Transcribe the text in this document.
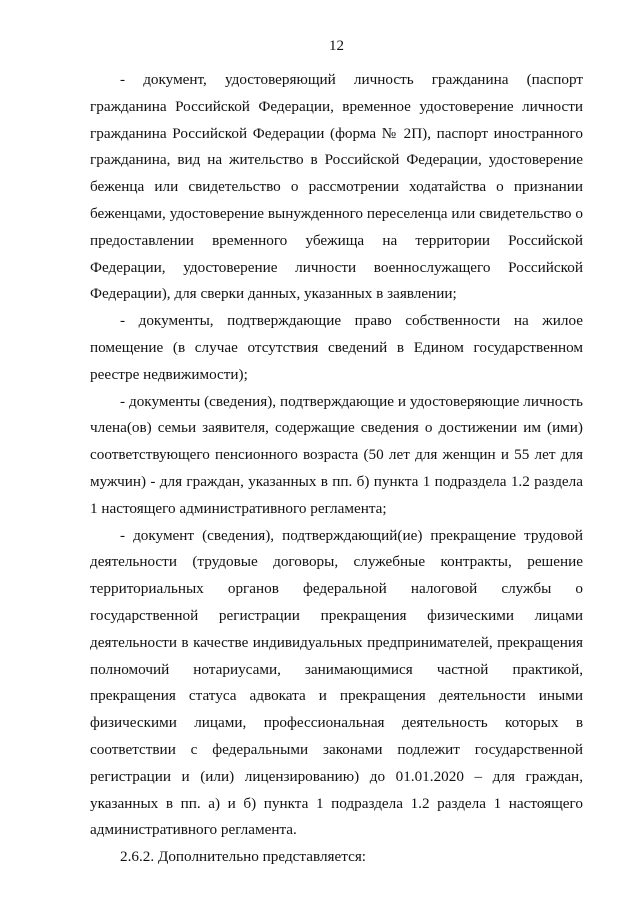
12

- документ, удостоверяющий личность гражданина (паспорт гражданина Российской Федерации, временное удостоверение личности гражданина Российской Федерации (форма № 2П), паспорт иностранного гражданина, вид на жительство в Российской Федерации, удостоверение беженца или свидетельство о рассмотрении ходатайства о признании беженцами, удостоверение вынужденного переселенца или свидетельство о предоставлении временного убежища на территории Российской Федерации, удостоверение личности военнослужащего Российской Федерации), для сверки данных, указанных в заявлении;

- документы, подтверждающие право собственности на жилое помещение (в случае отсутствия сведений в Едином государственном реестре недвижимости);

- документы (сведения), подтверждающие и удостоверяющие личность члена(ов) семьи заявителя, содержащие сведения о достижении им (ими) соответствующего пенсионного возраста (50 лет для женщин и 55 лет для мужчин) - для граждан, указанных в пп. б) пункта 1 подраздела 1.2 раздела 1 настоящего административного регламента;

- документ (сведения), подтверждающий(ие) прекращение трудовой деятельности (трудовые договоры, служебные контракты, решение территориальных органов федеральной налоговой службы о государственной регистрации прекращения физическими лицами деятельности в качестве индивидуальных предпринимателей, прекращения полномочий нотариусами, занимающимися частной практикой, прекращения статуса адвоката и прекращения деятельности иными физическими лицами, профессиональная деятельность которых в соответствии с федеральными законами подлежит государственной регистрации и (или) лицензированию) до 01.01.2020 – для граждан, указанных в пп. а) и б) пункта 1 подраздела 1.2 раздела 1 настоящего административного регламента.

2.6.2. Дополнительно представляется:
